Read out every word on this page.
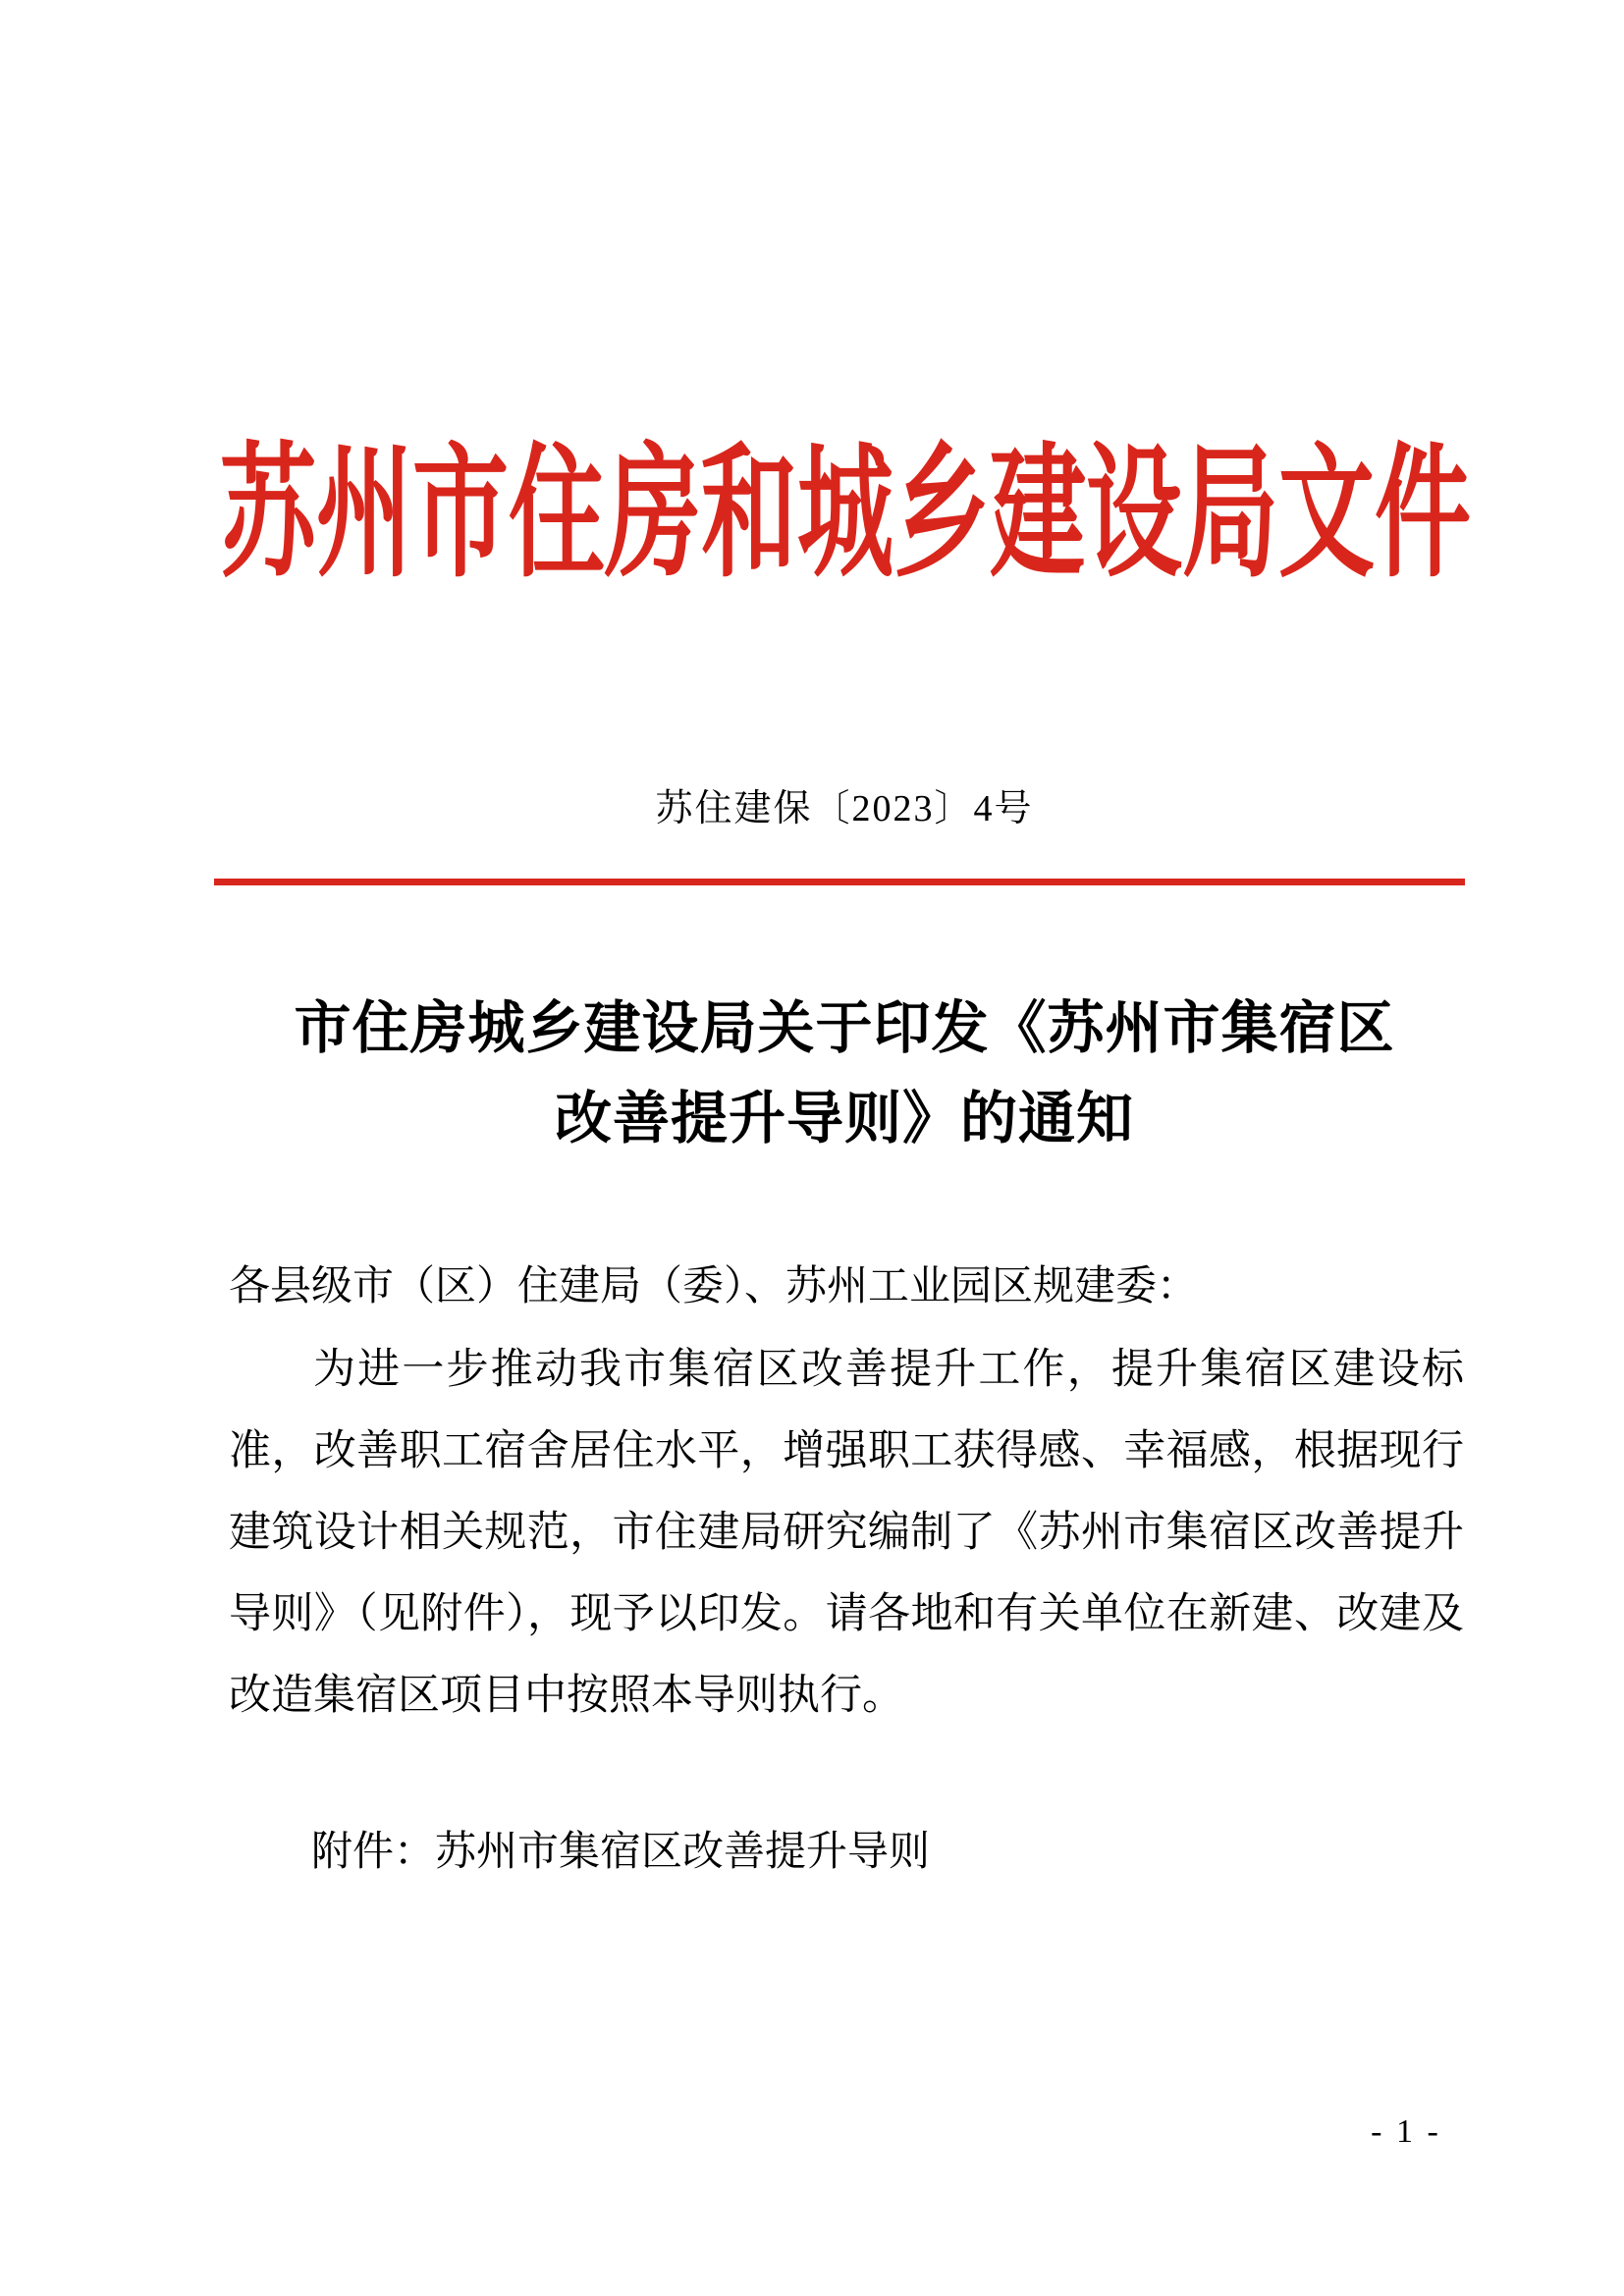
苏州市住房和城乡建设局文件
苏住建保〔2023〕4号
市住房城乡建设局关于印发《苏州市集宿区
改善提升导则》的通知
各县级市（区）住建局（委）、苏州工业园区规建委：
为进一步推动我市集宿区改善提升工作，提升集宿区建设标准，改善职工宿舍居住水平，增强职工获得感、幸福感，根据现行建筑设计相关规范，市住建局研究编制了《苏州市集宿区改善提升导则》（见附件），现予以印发。请各地和有关单位在新建、改建及改造集宿区项目中按照本导则执行。
附件：苏州市集宿区改善提升导则
- 1 -
